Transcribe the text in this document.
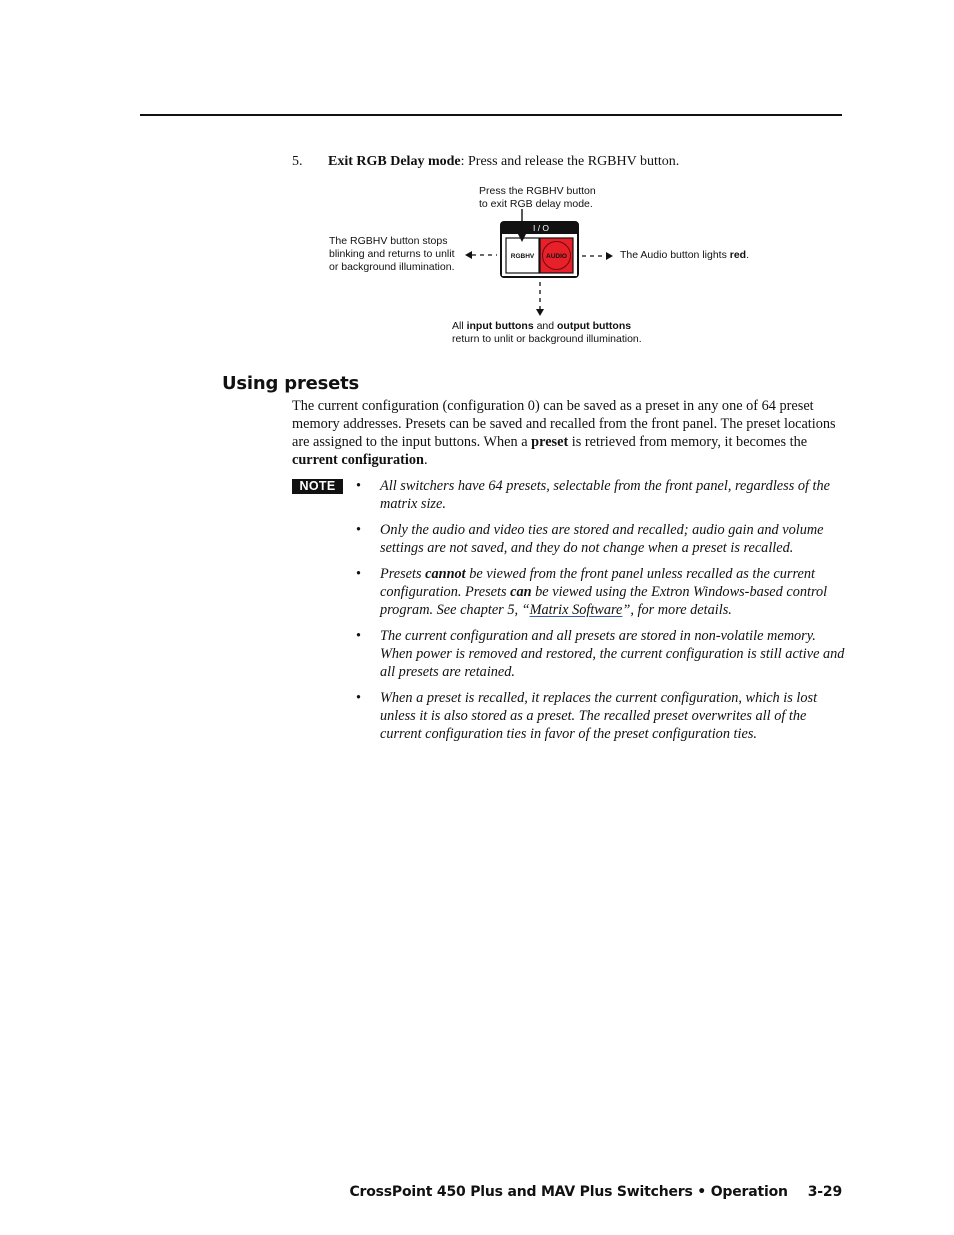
5. Exit RGB Delay mode: Press and release the RGBHV button.
Press the RGBHV button
to exit RGB delay mode.
The RGBHV button stops
blinking and returns to unlit
or background illumination.
The Audio button lights red.
All input buttons and output buttons
return to unlit or background illumination.
I / O
RGBHV AUDIO
Using presets

The current configuration (configuration 0) can be saved as a preset in any one of 64 preset memory addresses. Presets can be saved and recalled from the front panel. The preset locations are assigned to the input buttons. When a preset is retrieved from memory, it becomes the current configuration.

NOTE	• All switchers have 64 presets, selectable from the front panel, regardless of the matrix size.
• Only the audio and video ties are stored and recalled; audio gain and volume settings are not saved, and they do not change when a preset is recalled.
• Presets cannot be viewed from the front panel unless recalled as the current configuration. Presets can be viewed using the Extron Windows-based control program. See chapter 5, “Matrix Software”, for more details.
• The current configuration and all presets are stored in non-volatile memory. When power is removed and restored, the current configuration is still active and all presets are retained.
• When a preset is recalled, it replaces the current configuration, which is lost unless it is also stored as a preset. The recalled preset overwrites all of the current configuration ties in favor of the preset configuration ties.
CrossPoint 450 Plus and MAV Plus Switchers • Operation 3-29
